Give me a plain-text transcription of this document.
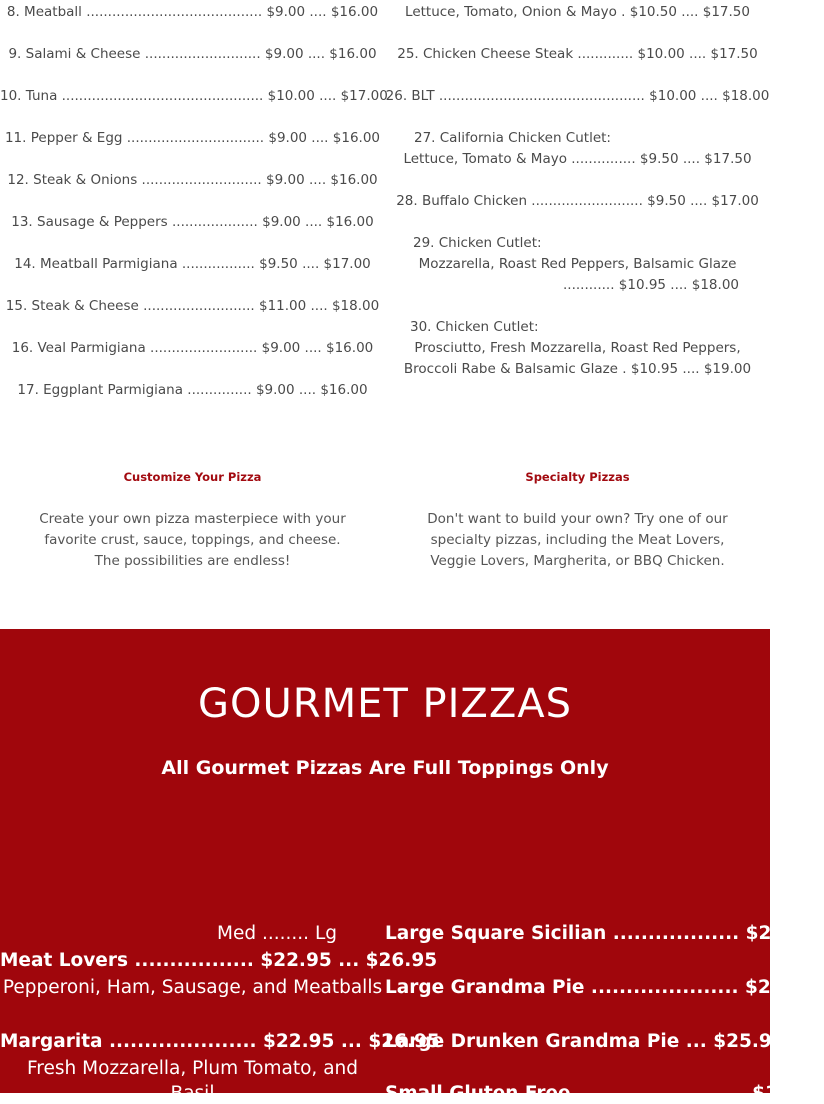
8. Meatball ......................................... $9.00 .... $16.00
9. Salami & Cheese ........................... $9.00 .... $16.00
10. Tuna ............................................... $10.00 .... $17.00
11. Pepper & Egg ................................ $9.00 .... $16.00
12. Steak & Onions ............................ $9.00 .... $16.00
13. Sausage & Peppers .................... $9.00 .... $16.00
14. Meatball Parmigiana ................. $9.50 .... $17.00
15. Steak & Cheese .......................... $11.00 .... $18.00
16. Veal Parmigiana ......................... $9.00 .... $16.00
17. Eggplant Parmigiana ............... $9.00 .... $16.00
Customize Your Pizza
Create your own pizza masterpiece with your favorite crust, sauce, toppings, and cheese. The possibilities are endless!
Lettuce, Tomato, Onion & Mayo . $10.50 .... $17.50
25. Chicken Cheese Steak ............. $10.00 .... $17.50
26. BLT ................................................ $10.00 .... $18.00
27. California Chicken Cutlet:
Lettuce, Tomato & Mayo ............... $9.50 .... $17.50
28. Buffalo Chicken .......................... $9.50 .... $17.00
29. Chicken Cutlet:
Mozzarella, Roast Red Peppers, Balsamic Glaze
............ $10.95 .... $18.00
30. Chicken Cutlet:
Prosciutto, Fresh Mozzarella, Roast Red Peppers,
Broccoli Rabe & Balsamic Glaze . $10.95 .... $19.00
Specialty Pizzas
Don't want to build your own? Try one of our specialty pizzas, including the Meat Lovers, Veggie Lovers, Margherita, or BBQ Chicken.
GOURMET PIZZAS
All Gourmet Pizzas Are Full Toppings Only
Med ........ Lg
Meat Lovers ................. $22.95 ... $26.95
Pepperoni, Ham, Sausage, and Meatballs
Margarita ..................... $22.95 ... $26.95
Fresh Mozzarella, Plum Tomato, and
Basil
Large Square Sicilian .................. $20.95
Large Grandma Pie ..................... $24.95
Large Drunken Grandma Pie ... $25.95
Small Gluten Free ........................ $14.50
